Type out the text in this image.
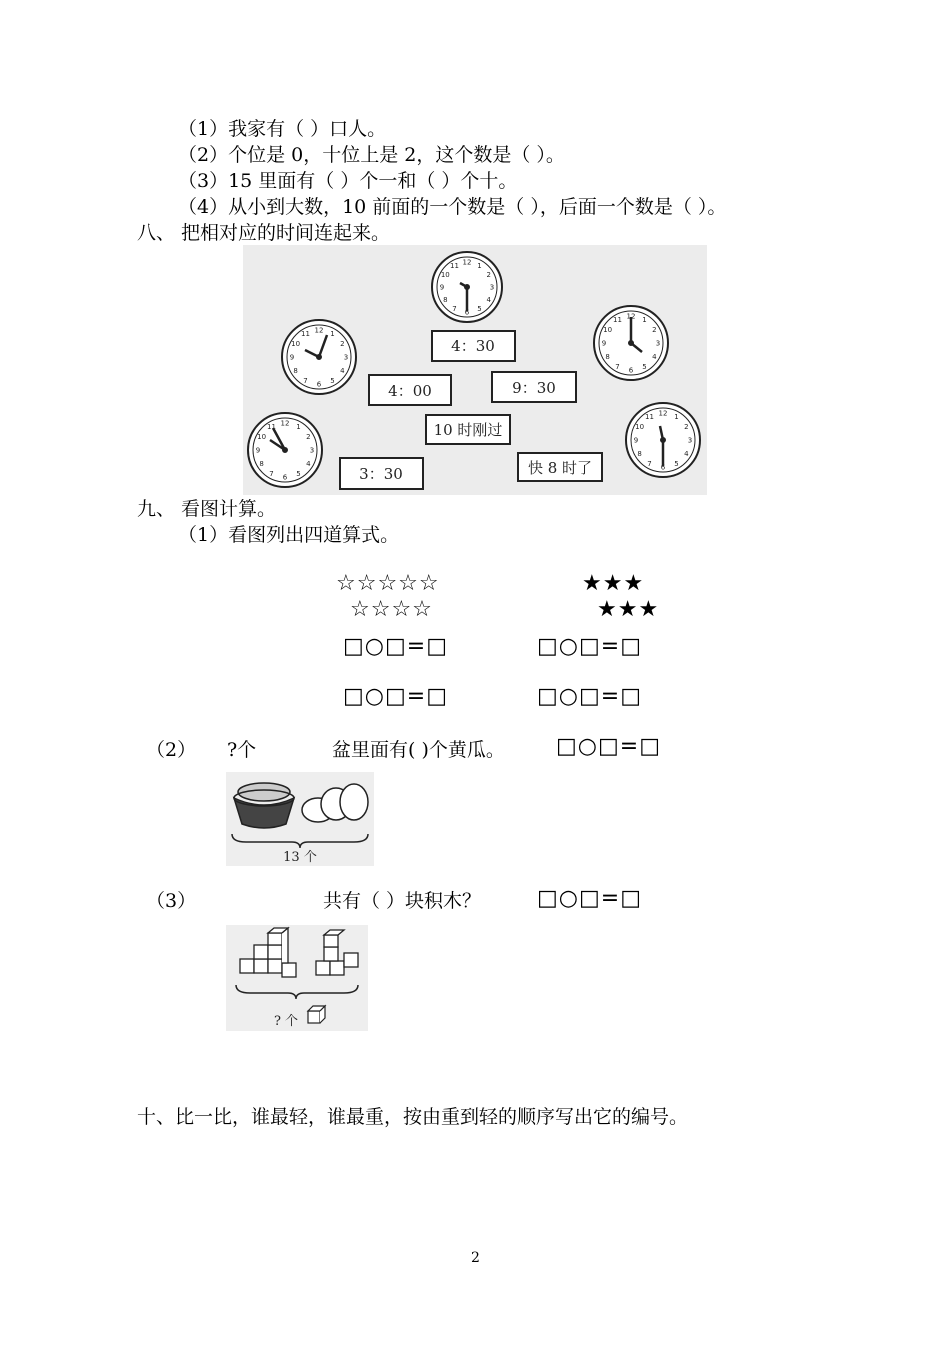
（1）我家有（ ）口人。
（2）个位是 0，十位上是 2，这个数是（ ）。
（3）15 里面有（ ）个一和（ ）个十。
（4）从小到大数，10 前面的一个数是（ ），后面一个数是（ ）。
八、 把相对应的时间连起来。
12 1
2
3
4
5
6
7
8
9
10
11
12 1
2
3
4
5
6
7
8
9
10
11
12 1
2
3
4
5
6
7
8
9
10
11
12 1
2
3
4
5
6
7
8
9
10
11
12 1
2
3
4
5
6
7
8
9
10
11
4：30
4：00	9：30
10 时刚过
3：30	快 8 时了
九、 看图计算。
（1）看图列出四道算式。
☆☆☆☆☆
☆☆☆☆
★★★
★★★
□○□=□	□○□=□
□○□=□	□○□=□
（2） ?个	盆里面有( )个黄瓜。 □○□=□
13 个
（3）	共有（ ）块积木？	□○□=□
? 个
十、比一比，谁最轻，谁最重，按由重到轻的顺序写出它的编号。
2
